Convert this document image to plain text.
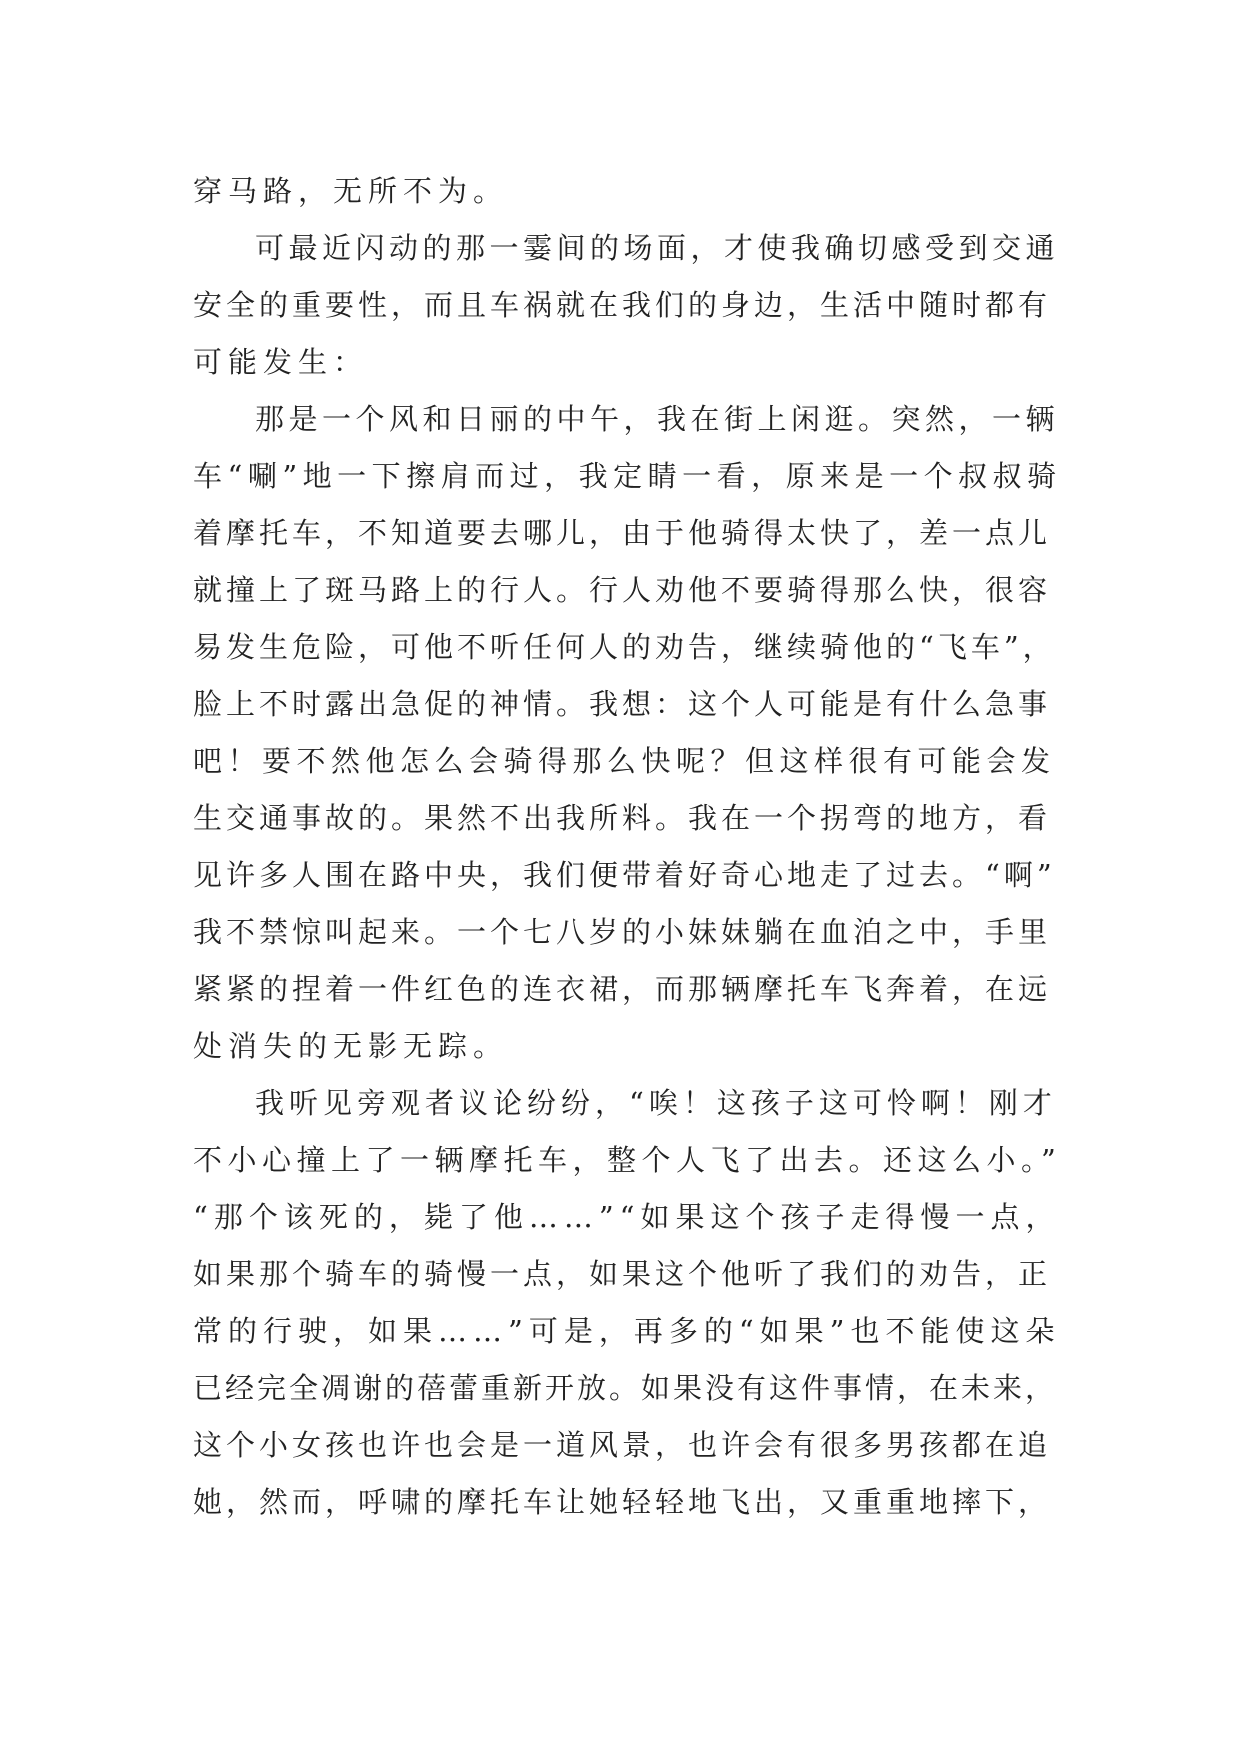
穿马路，无所不为。
可最近闪动的那一霎间的场面，才使我确切感受到交通
安全的重要性，而且车祸就在我们的身边，生活中随时都有
可能发生：
那是一个风和日丽的中午，我在街上闲逛。突然，一辆
车“唰”地一下擦肩而过，我定睛一看，原来是一个叔叔骑
着摩托车，不知道要去哪儿，由于他骑得太快了，差一点儿
就撞上了斑马路上的行人。行人劝他不要骑得那么快，很容
易发生危险，可他不听任何人的劝告，继续骑他的“飞车”，
脸上不时露出急促的神情。我想：这个人可能是有什么急事
吧！要不然他怎么会骑得那么快呢？但这样很有可能会发
生交通事故的。果然不出我所料。我在一个拐弯的地方，看
见许多人围在路中央，我们便带着好奇心地走了过去。“啊”
我不禁惊叫起来。一个七八岁的小妹妹躺在血泊之中，手里
紧紧的捏着一件红色的连衣裙，而那辆摩托车飞奔着，在远
处消失的无影无踪。
我听见旁观者议论纷纷，“唉！这孩子这可怜啊！刚才
不小心撞上了一辆摩托车，整个人飞了出去。还这么小。”
“那个该死的，毙了他……”“如果这个孩子走得慢一点，
如果那个骑车的骑慢一点，如果这个他听了我们的劝告，正
常的行驶，如果……”可是，再多的“如果”也不能使这朵
已经完全凋谢的蓓蕾重新开放。如果没有这件事情，在未来，
这个小女孩也许也会是一道风景，也许会有很多男孩都在追
她，然而，呼啸的摩托车让她轻轻地飞出，又重重地摔下，
